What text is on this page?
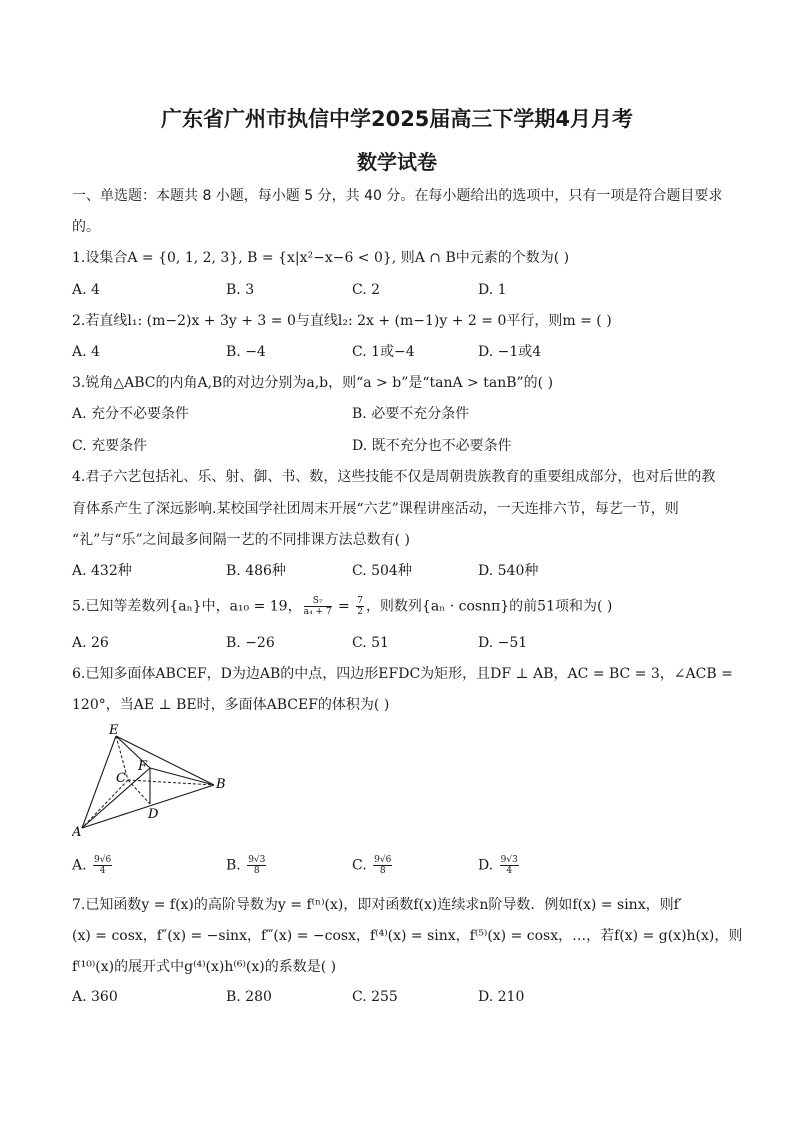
广东省广州市执信中学2025届高三下学期4月月考
数学试卷
一、单选题：本题共 8 小题，每小题 5 分，共 40 分。在每小题给出的选项中，只有一项是符合题目要求
的。
1.设集合A = {0, 1, 2, 3}, B = {x|x²−x−6 < 0}, 则A ∩ B中元素的个数为( )
A. 4	B. 3	C. 2	D. 1
2.若直线l₁: (m−2)x + 3y + 3 = 0与直线l₂: 2x + (m−1)y + 2 = 0平行，则m = ( )
A. 4	B. −4	C. 1或−4	D. −1或4
3.锐角△ABC的内角A,B的对边分别为a,b，则“a > b”是“tanA > tanB”的( )
A. 充分不必要条件	B. 必要不充分条件
C. 充要条件	D. 既不充分也不必要条件
4.君子六艺包括礼、乐、射、御、书、数，这些技能不仅是周朝贵族教育的重要组成部分，也对后世的教
育体系产生了深远影响.某校国学社团周末开展“六艺”课程讲座活动，一天连排六节，每艺一节，则
“礼”与“乐”之间最多间隔一艺的不同排课方法总数有( )
A. 432种	B. 486种	C. 504种	D. 540种
5.已知等差数列{aₙ}中，a₁₀ = 19， $\frac{\text{S₇}}{\text{a₄ + 7}} = \frac{7}{2}$ ，则数列{aₙ · cosnπ}的前51项和为( )
A. 26	B. −26	C. 51	D. −51
6.已知多面体ABCEF，D为边AB的中点，四边形EFDC为矩形，且DF ⊥ AB，AC = BC = 3，∠ACB =
120°，当AE ⊥ BE时，多面体ABCEF的体积为( )
E
F
C	B
D
A
A. $\frac{9√6}{4}$	B. $\frac{9√3}{8}$	C. $\frac{9√6}{8}$	D. $\frac{9√3}{4}$
7.已知函数y = f(x)的高阶导数为y = f⁽ⁿ⁾(x)，即对函数f(x)连续求n阶导数．例如f(x) = sinx，则f′
(x) = cosx，f″(x) = −sinx，f‴(x) = −cosx，f⁽⁴⁾(x) = sinx，f⁽⁵⁾(x) = cosx，…，若f(x) = g(x)h(x)，则
f⁽¹⁰⁾(x)的展开式中g⁽⁴⁾(x)h⁽⁶⁾(x)的系数是( )
A. 360	B. 280	C. 255	D. 210
